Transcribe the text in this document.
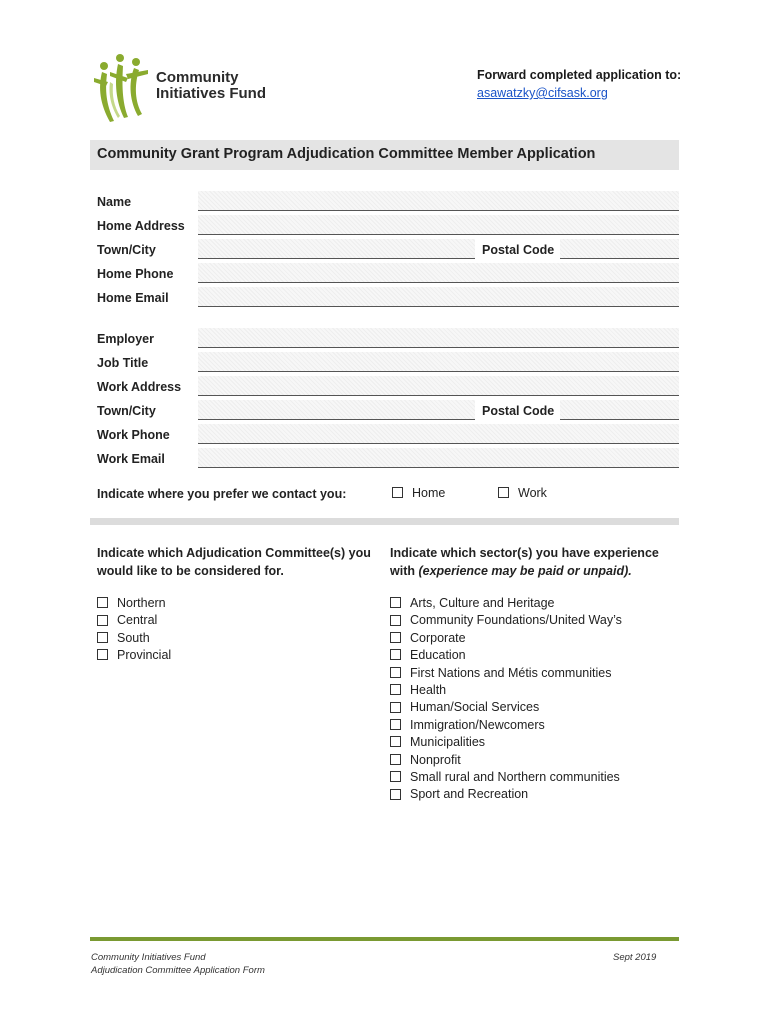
Community
Initiatives Fund
Forward completed application to:
asawatzky@cifsask.org
Community Grant Program Adjudication Committee Member Application
Name
Home Address
Town/City	Postal Code
Home Phone
Home Email
Employer
Job Title
Work Address
Town/City	Postal Code
Work Phone
Work Email
Indicate where you prefer we contact you:	Home	Work
Indicate which Adjudication Committee(s) you
would like to be considered for.
Northern
Central
South
Provincial
Indicate which sector(s) you have experience
with (experience may be paid or unpaid).
Arts, Culture and Heritage
Community Foundations/United Way’s
Corporate
Education
First Nations and Métis communities
Health
Human/Social Services
Immigration/Newcomers
Municipalities
Nonprofit
Small rural and Northern communities
Sport and Recreation
Community Initiatives Fund
Adjudication Committee Application Form
Sept 2019
